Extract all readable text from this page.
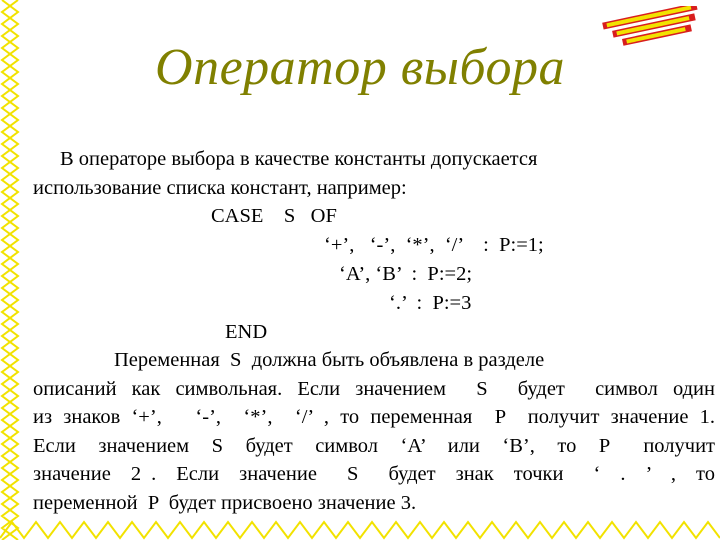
Оператор выбора
В операторе выбора в качестве константы допускается
использование списка констант, например:
CASE    S   OF
‘+’,   ‘-’,  ‘*’,  ‘/’    :  P:=1;
‘A’, ‘B’  :  P:=2;
‘.’  :  P:=3
END
Переменная  S  должна быть объявлена в разделе
описаний как символьная. Если значением  S  будет  символ один
из знаков ‘+’,   ‘-’,  ‘*’,  ‘/’ , то переменная  P  получит значение 1.
Если  значением  S  будет  символ  ‘A’  или  ‘B’,  то  P   получит
значение  2 .  Если  значение   S   будет  знак  точки   ‘  .  ’  ,  то
переменной  P  будет присвоено значение 3.
